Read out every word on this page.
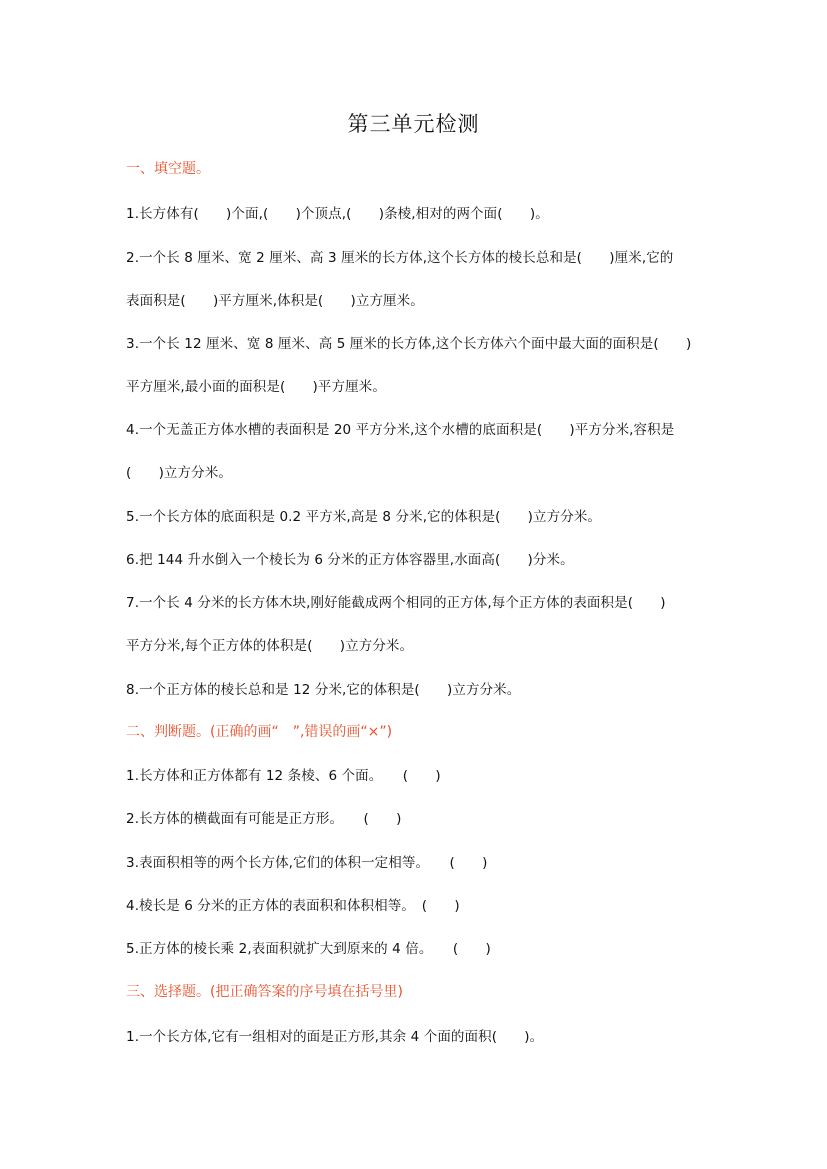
第三单元检测
一、填空题。
1.长方体有(　　)个面,(　　)个顶点,(　　)条棱,相对的两个面(　　)。
2.一个长 8 厘米、宽 2 厘米、高 3 厘米的长方体,这个长方体的棱长总和是(　　)厘米,它的
表面积是(　　)平方厘米,体积是(　　)立方厘米。
3.一个长 12 厘米、宽 8 厘米、高 5 厘米的长方体,这个长方体六个面中最大面的面积是(　　)
平方厘米,最小面的面积是(　　)平方厘米。
4.一个无盖正方体水槽的表面积是 20 平方分米,这个水槽的底面积是(　　)平方分米,容积是
(　　)立方分米。
5.一个长方体的底面积是 0.2 平方米,高是 8 分米,它的体积是(　　)立方分米。
6.把 144 升水倒入一个棱长为 6 分米的正方体容器里,水面高(　　)分米。
7.一个长 4 分米的长方体木块,刚好能截成两个相同的正方体,每个正方体的表面积是(　　)
平方分米,每个正方体的体积是(　　)立方分米。
8.一个正方体的棱长总和是 12 分米,它的体积是(　　)立方分米。
二、判断题。(正确的画“　”,错误的画“×”)
1.长方体和正方体都有 12 条棱、6 个面。　　(　　)
2.长方体的横截面有可能是正方形。　　(　　)
3.表面积相等的两个长方体,它们的体积一定相等。　　(　　)
4.棱长是 6 分米的正方体的表面积和体积相等。　(　　)
5.正方体的棱长乘 2,表面积就扩大到原来的 4 倍。　　(　　)
三、选择题。(把正确答案的序号填在括号里)
1.一个长方体,它有一组相对的面是正方形,其余 4 个面的面积(　　)。
